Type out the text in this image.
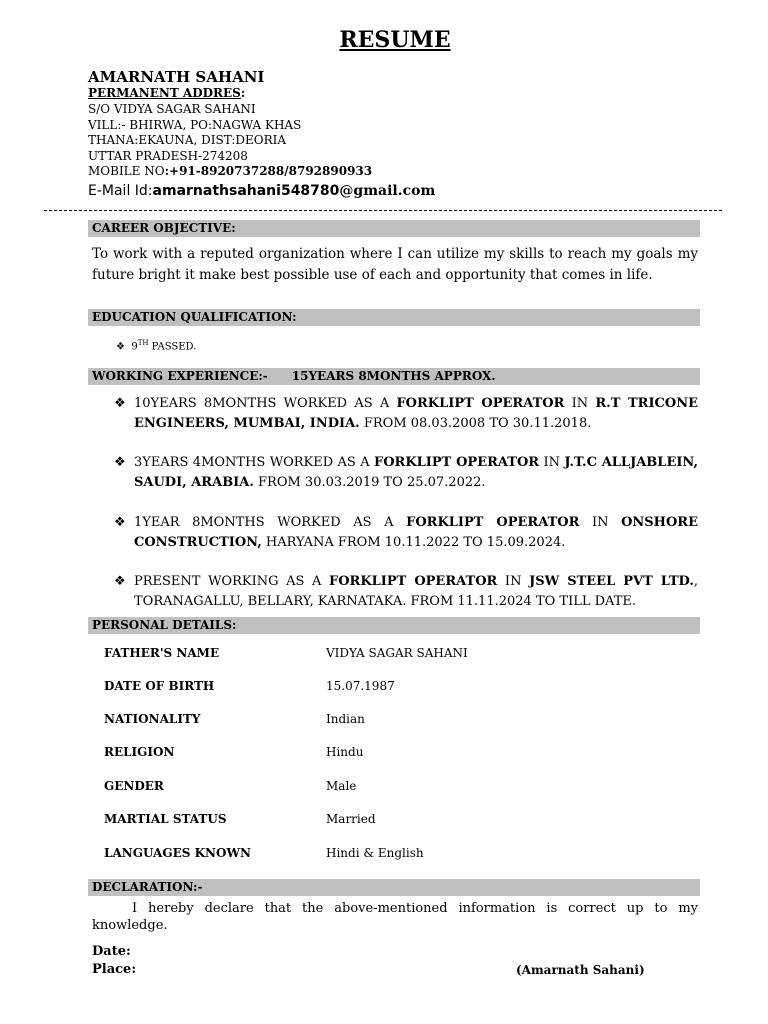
RESUME
AMARNATH SAHANI
PERMANENT ADDRES:
S/O VIDYA SAGAR SAHANI
VILL:- BHIRWA, PO:NAGWA KHAS
THANA:EKAUNA, DIST:DEORIA
UTTAR PRADESH-274208
MOBILE NO:+91-8920737288/8792890933
E-Mail Id:amarnathsahani548780@gmail.com
CAREER OBJECTIVE:
To work with a reputed organization where I can utilize my skills to reach my goals my future bright it make best possible use of each and opportunity that comes in life.
EDUCATION QUALIFICATION:
❖ 9TH PASSED.
WORKING EXPERIENCE:- 15YEARS 8MONTHS APPROX.
❖ 10YEARS 8MONTHS WORKED AS A FORKLIPT OPERATOR IN R.T TRICONE ENGINEERS, MUMBAI, INDIA. FROM 08.03.2008 TO 30.11.2018.
❖ 3YEARS 4MONTHS WORKED AS A FORKLIPT OPERATOR IN J.T.C ALLJABLEIN, SAUDI, ARABIA. FROM 30.03.2019 TO 25.07.2022.
❖ 1YEAR 8MONTHS WORKED AS A FORKLIPT OPERATOR IN ONSHORE CONSTRUCTION, HARYANA FROM 10.11.2022 TO 15.09.2024.
❖ PRESENT WORKING AS A FORKLIPT OPERATOR IN JSW STEEL PVT LTD., TORANAGALLU, BELLARY, KARNATAKA. FROM 11.11.2024 TO TILL DATE.
PERSONAL DETAILS:
FATHER'S NAME	VIDYA SAGAR SAHANI
DATE OF BIRTH	15.07.1987
NATIONALITY	Indian
RELIGION	Hindu
GENDER	Male
MARTIAL STATUS	Married
LANGUAGES KNOWN	Hindi & English
DECLARATION:-
I hereby declare that the above-mentioned information is correct up to my knowledge.
Date:
Place:	(Amarnath Sahani)
